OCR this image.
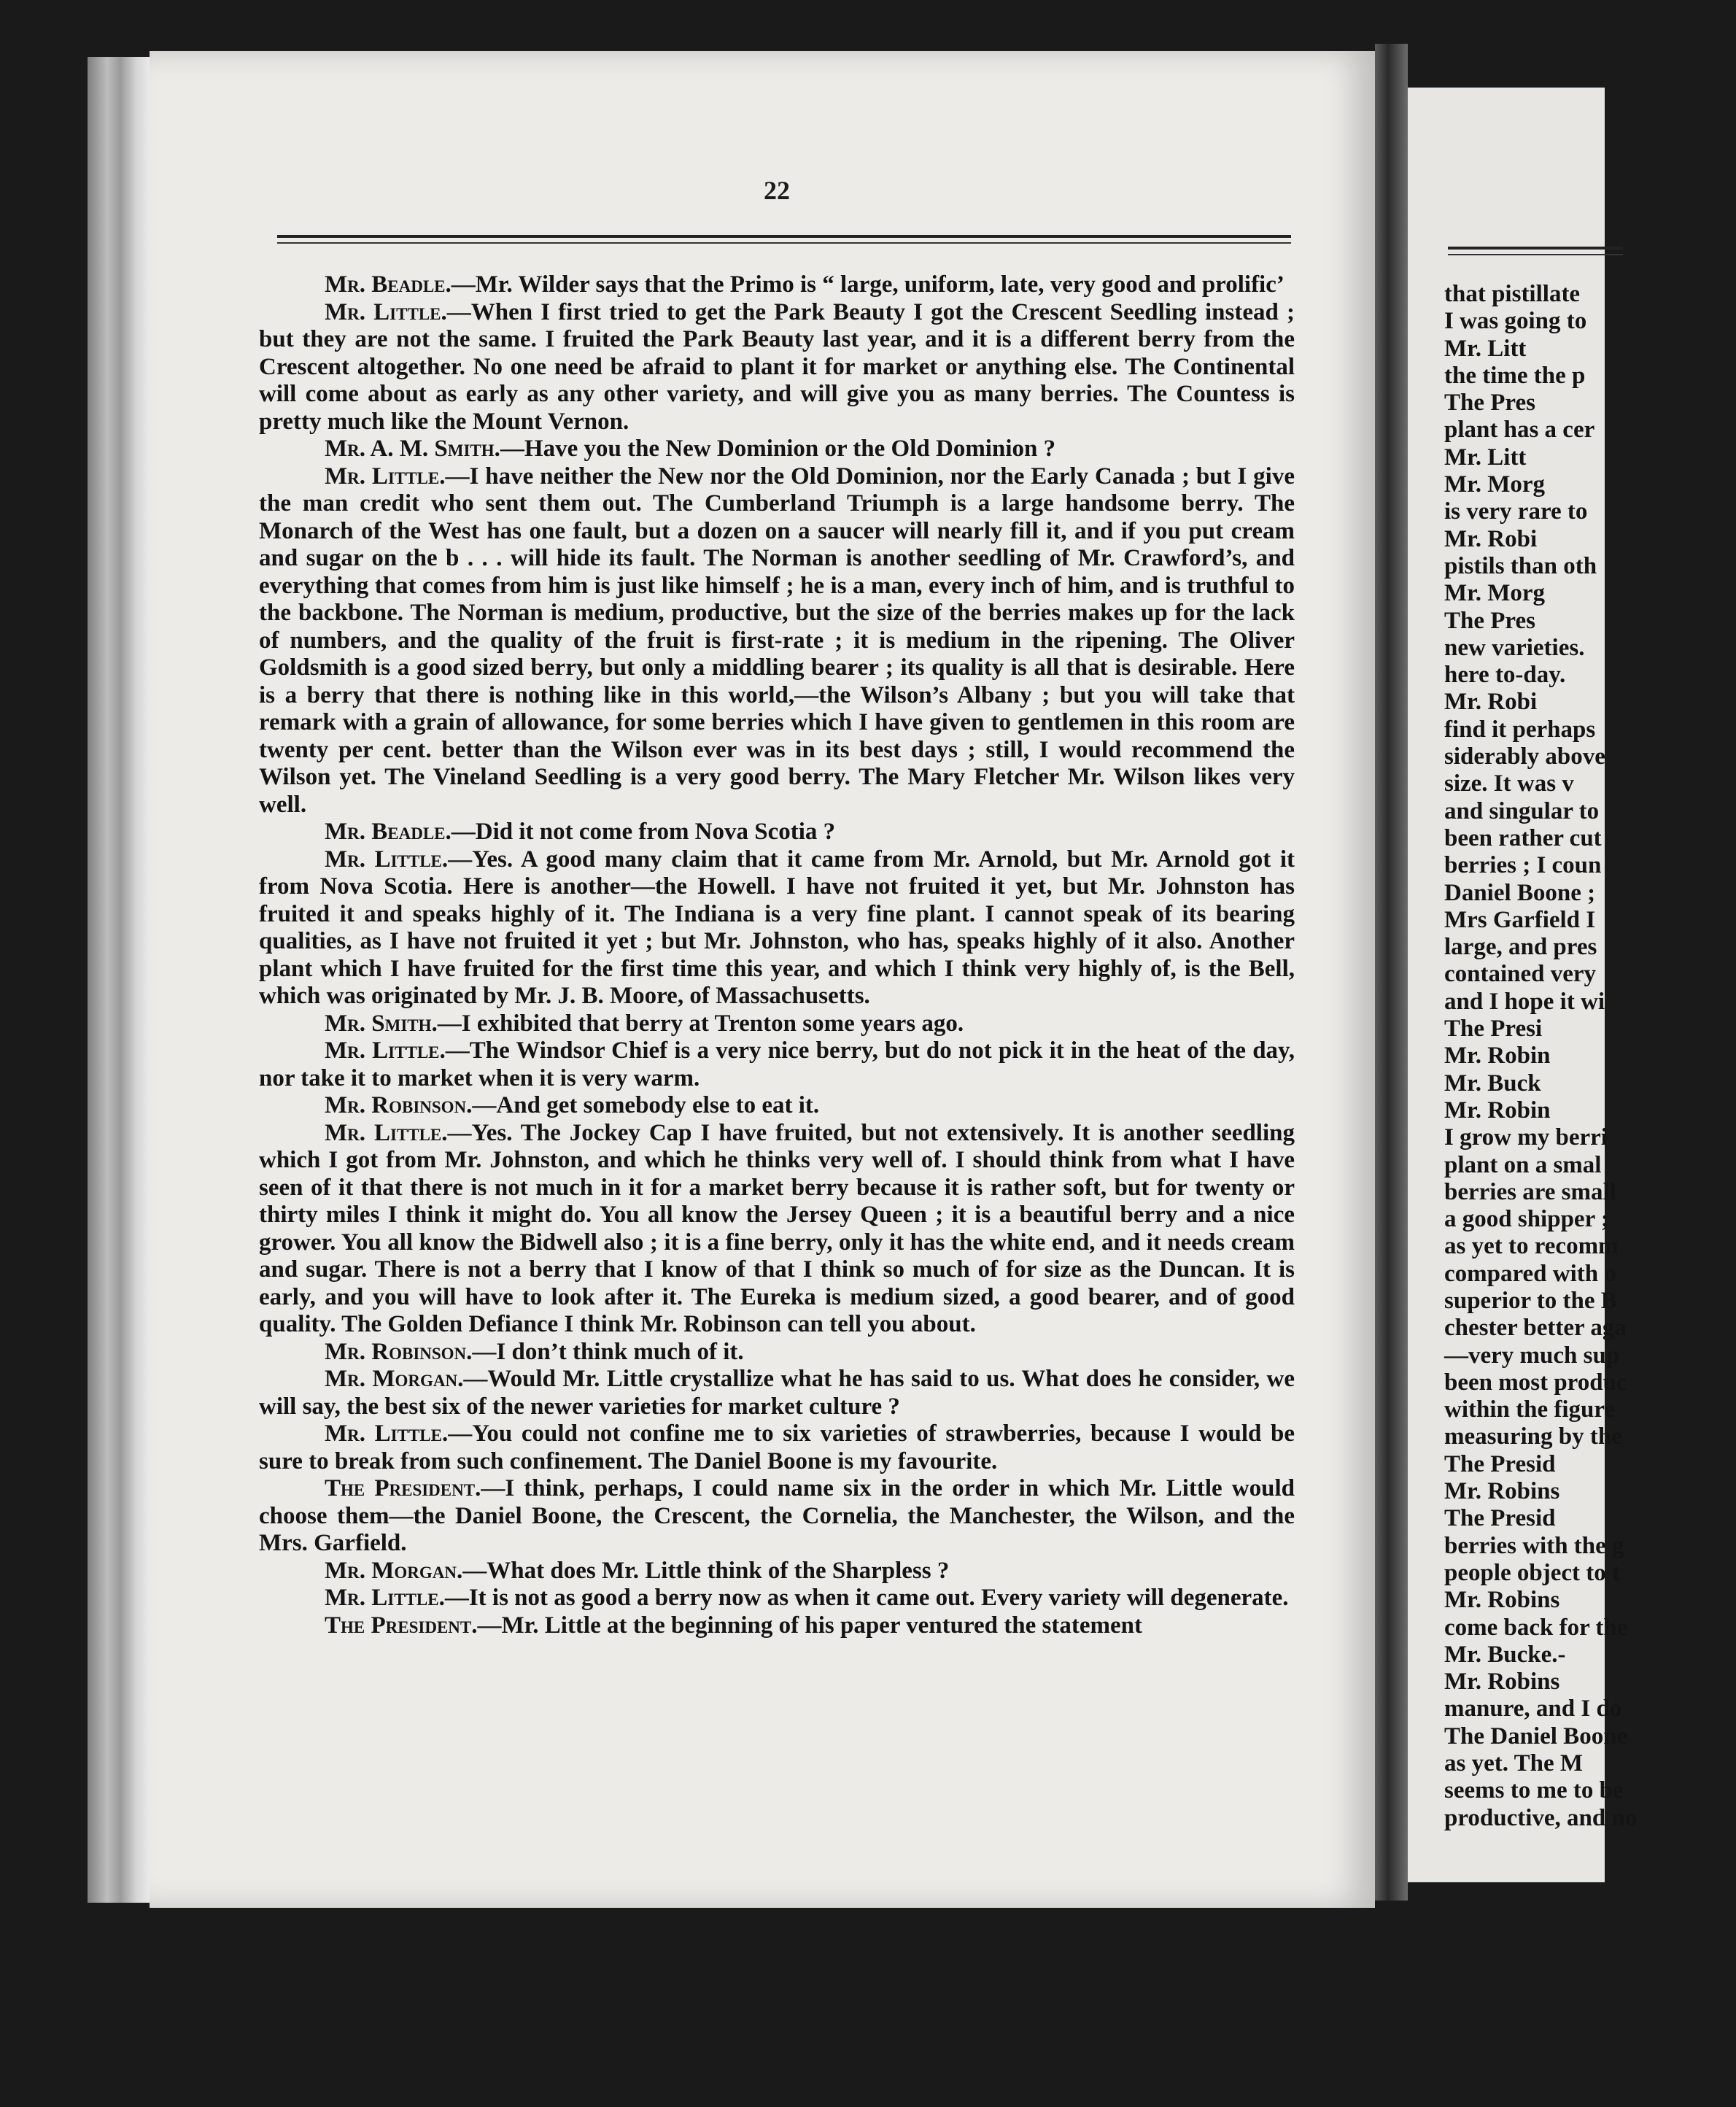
22

Mr. Beadle.—Mr. Wilder says that the Primo is “ large, uniform, late, very good and prolific’

Mr. Little.—When I first tried to get the Park Beauty I got the Crescent Seedling instead ; but they are not the same. I fruited the Park Beauty last year, and it is a different berry from the Crescent altogether. No one need be afraid to plant it for market or anything else. The Continental will come about as early as any other variety, and will give you as many berries. The Countess is pretty much like the Mount Vernon.

Mr. A. M. Smith.—Have you the New Dominion or the Old Dominion ?

Mr. Little.—I have neither the New nor the Old Dominion, nor the Early Canada ; but I give the man credit who sent them out. The Cumberland Triumph is a large handsome berry. The Monarch of the West has one fault, but a dozen on a saucer will nearly fill it, and if you put cream and sugar on the b . . . will hide its fault. The Norman is another seedling of Mr. Crawford’s, and everything that comes from him is just like himself ; he is a man, every inch of him, and is truthful to the backbone. The Norman is medium, productive, but the size of the berries makes up for the lack of numbers, and the quality of the fruit is first-rate ; it is medium in the ripening. The Oliver Goldsmith is a good sized berry, but only a middling bearer ; its quality is all that is desirable. Here is a berry that there is nothing like in this world,—the Wilson’s Albany ; but you will take that remark with a grain of allowance, for some berries which I have given to gentlemen in this room are twenty per cent. better than the Wilson ever was in its best days ; still, I would recommend the Wilson yet. The Vineland Seedling is a very good berry. The Mary Fletcher Mr. Wilson likes very well.

Mr. Beadle.—Did it not come from Nova Scotia ?

Mr. Little.—Yes. A good many claim that it came from Mr. Arnold, but Mr. Arnold got it from Nova Scotia. Here is another—the Howell. I have not fruited it yet, but Mr. Johnston has fruited it and speaks highly of it. The Indiana is a very fine plant. I cannot speak of its bearing qualities, as I have not fruited it yet ; but Mr. Johnston, who has, speaks highly of it also. Another plant which I have fruited for the first time this year, and which I think very highly of, is the Bell, which was originated by Mr. J. B. Moore, of Massachusetts.

Mr. Smith.—I exhibited that berry at Trenton some years ago.

Mr. Little.—The Windsor Chief is a very nice berry, but do not pick it in the heat of the day, nor take it to market when it is very warm.

Mr. Robinson.—And get somebody else to eat it.

Mr. Little.—Yes. The Jockey Cap I have fruited, but not extensively. It is another seedling which I got from Mr. Johnston, and which he thinks very well of. I should think from what I have seen of it that there is not much in it for a market berry because it is rather soft, but for twenty or thirty miles I think it might do. You all know the Jersey Queen ; it is a beautiful berry and a nice grower. You all know the Bidwell also ; it is a fine berry, only it has the white end, and it needs cream and sugar. There is not a berry that I know of that I think so much of for size as the Duncan. It is early, and you will have to look after it. The Eureka is medium sized, a good bearer, and of good quality. The Golden Defiance I think Mr. Robinson can tell you about.

Mr. Robinson.—I don’t think much of it.

Mr. Morgan.—Would Mr. Little crystallize what he has said to us. What does he consider, we will say, the best six of the newer varieties for market culture ?

Mr. Little.—You could not confine me to six varieties of strawberries, because I would be sure to break from such confinement. The Daniel Boone is my favourite.

The President.—I think, perhaps, I could name six in the order in which Mr. Little would choose them—the Daniel Boone, the Crescent, the Cornelia, the Manchester, the Wilson, and the Mrs. Garfield.

Mr. Morgan.—What does Mr. Little think of the Sharpless ?

Mr. Little.—It is not as good a berry now as when it came out. Every variety will degenerate.

The President.—Mr. Little at the beginning of his paper ventured the statement

that pistillate
I was going to
Mr. Litt
the time the p
The Pres
plant has a cer
Mr. Litt
Mr. Morg
is very rare to
Mr. Robi
pistils than oth
Mr. Morg
The Pres
new varieties.
here to-day.
Mr. Robi
find it perhaps
siderably above
size. It was v
and singular to
been rather cut
berries ; I coun
Daniel Boone ;
Mrs Garfield I
large, and pres
contained very
and I hope it wi
The Presi
Mr. Robin
Mr. Buck
Mr. Robin
I grow my berri
plant on a smal
berries are small
a good shipper ;
as yet to recomm
compared with o
superior to the B
chester better aga
—very much sup
been most produc
within the figure
measuring by the
The Presid
Mr. Robins
The Presid
berries with the g
people object to t
Mr. Robins
come back for the
Mr. Bucke.-
Mr. Robins
manure, and I do
The Daniel Boone
as yet. The M
seems to me to be
productive, and no
